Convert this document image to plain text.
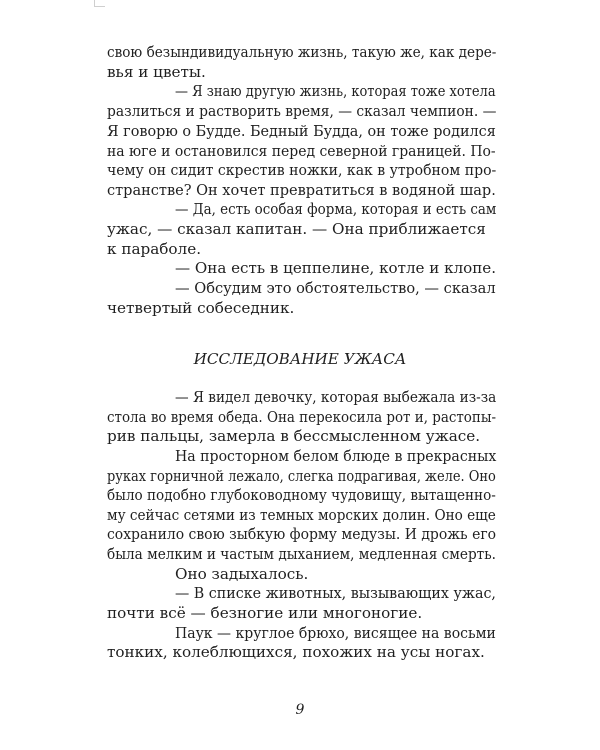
свою безындивидуальную жизнь, такую же, как дере-
вья и цветы.
— Я знаю другую жизнь, которая тоже хотела
разлиться и растворить время, — сказал чемпион. —
Я говорю о Будде. Бедный Будда, он тоже родился
на юге и остановился перед северной границей. По-
чему он сидит скрестив ножки, как в утробном про-
странстве? Он хочет превратиться в водяной шар.
— Да, есть особая форма, которая и есть сам
ужас, — сказал капитан. — Она приближается
к параболе.
— Она есть в цеппелине, котле и клопе.
— Обсудим это обстоятельство, — сказал
четвертый собеседник.
ИССЛЕДОВАНИЕ УЖАСА
— Я видел девочку, которая выбежала из-за
стола во время обеда. Она перекосила рот и, растопы-
рив пальцы, замерла в бессмысленном ужасе.
На просторном белом блюде в прекрасных
руках горничной лежало, слегка подрагивая, желе. Оно
было подобно глубоководному чудовищу, вытащенно-
му сейчас сетями из темных морских долин. Оно еще
сохранило свою зыбкую форму медузы. И дрожь его
была мелким и частым дыханием, медленная смерть.
Оно задыхалось.
— В списке животных, вызывающих ужас,
почти всё — безногие или многоногие.
Паук — круглое брюхо, висящее на восьми
тонких, колеблющихся, похожих на усы ногах.
9
